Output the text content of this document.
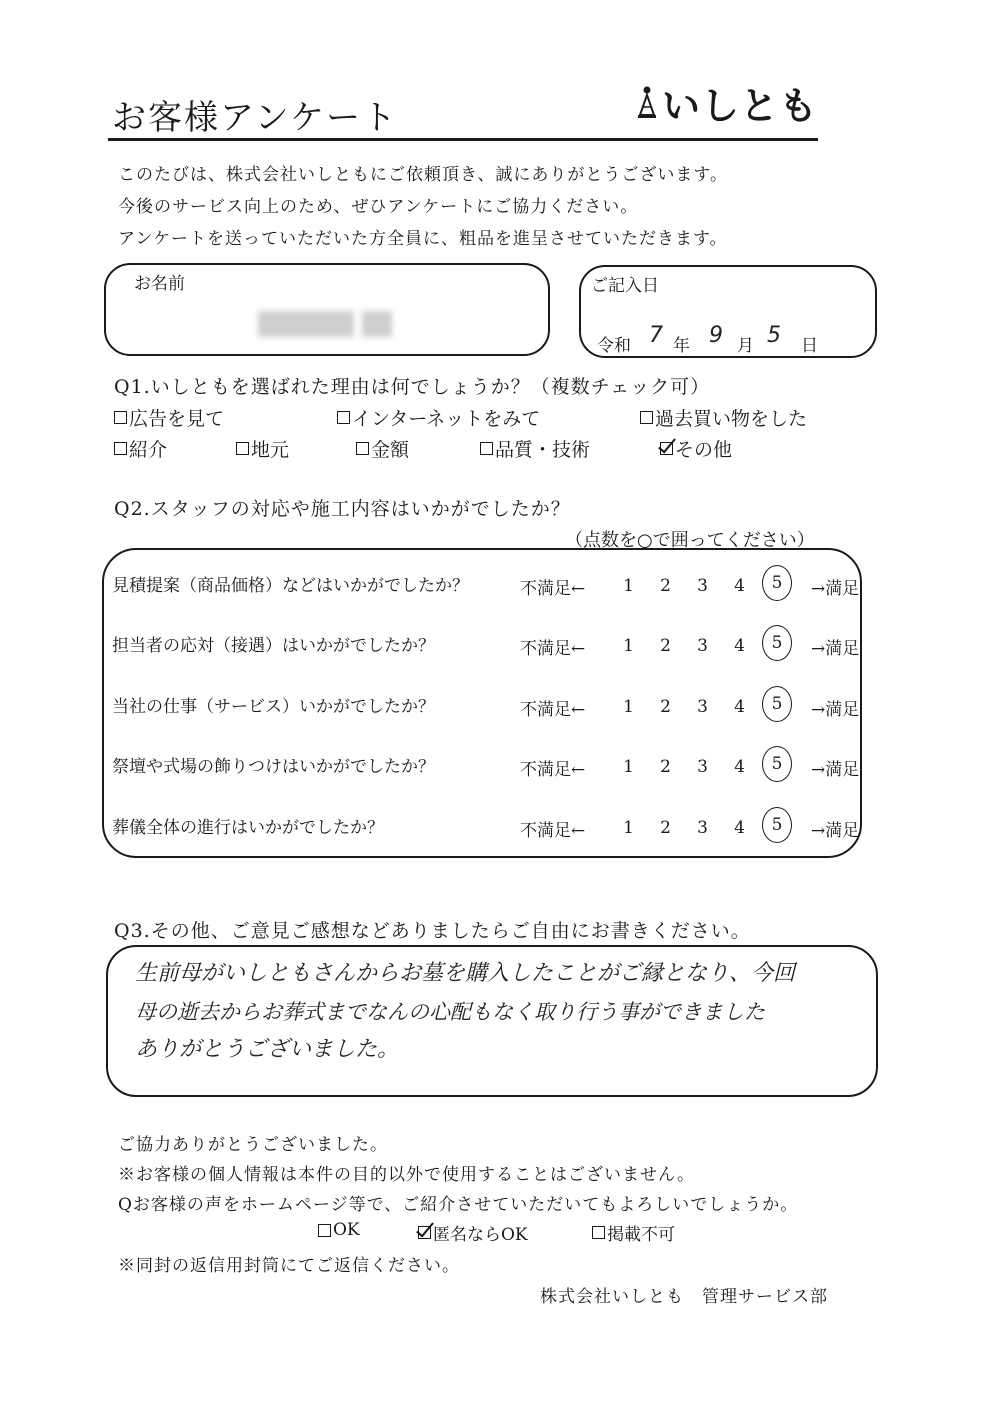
お客様アンケート	いしとも
このたびは、株式会社いしともにご依頼頂き、誠にありがとうございます。
今後のサービス向上のため、ぜひアンケートにご協力ください。
アンケートを送っていただいた方全員に、粗品を進呈させていただきます。
お名前	ご記入日
令和 7 年 9 月 5 日
Q1.いしともを選ばれた理由は何でしょうか？（複数チェック可）
広告を見て	インターネットをみて	過去買い物をした
紹介	地元	金額	品質・技術	その他
Q2.スタッフの対応や施工内容はいかがでしたか？
（点数を○で囲ってください）
見積提案（商品価格）などはいかがでしたか？	不満足←	1	2	3	4	5	→満足
担当者の応対（接遇）はいかがでしたか？	不満足←	1	2	3	4	5	→満足
当社の仕事（サービス）いかがでしたか？	不満足←	1	2	3	4	5	→満足
祭壇や式場の飾りつけはいかがでしたか？	不満足←	1	2	3	4	5	→満足
葬儀全体の進行はいかがでしたか？	不満足←	1	2	3	4	5	→満足
Q3.その他、ご意見ご感想などありましたらご自由にお書きください。
生前母がいしともさんからお墓を購入したことがご縁となり、今回
母の逝去からお葬式までなんの心配もなく取り行う事ができました
ありがとうございました。
ご協力ありがとうございました。
※お客様の個人情報は本件の目的以外で使用することはございません。
Qお客様の声をホームページ等で、ご紹介させていただいてもよろしいでしょうか。
OK	匿名ならOK	掲載不可
※同封の返信用封筒にてご返信ください。
株式会社いしとも　管理サービス部
